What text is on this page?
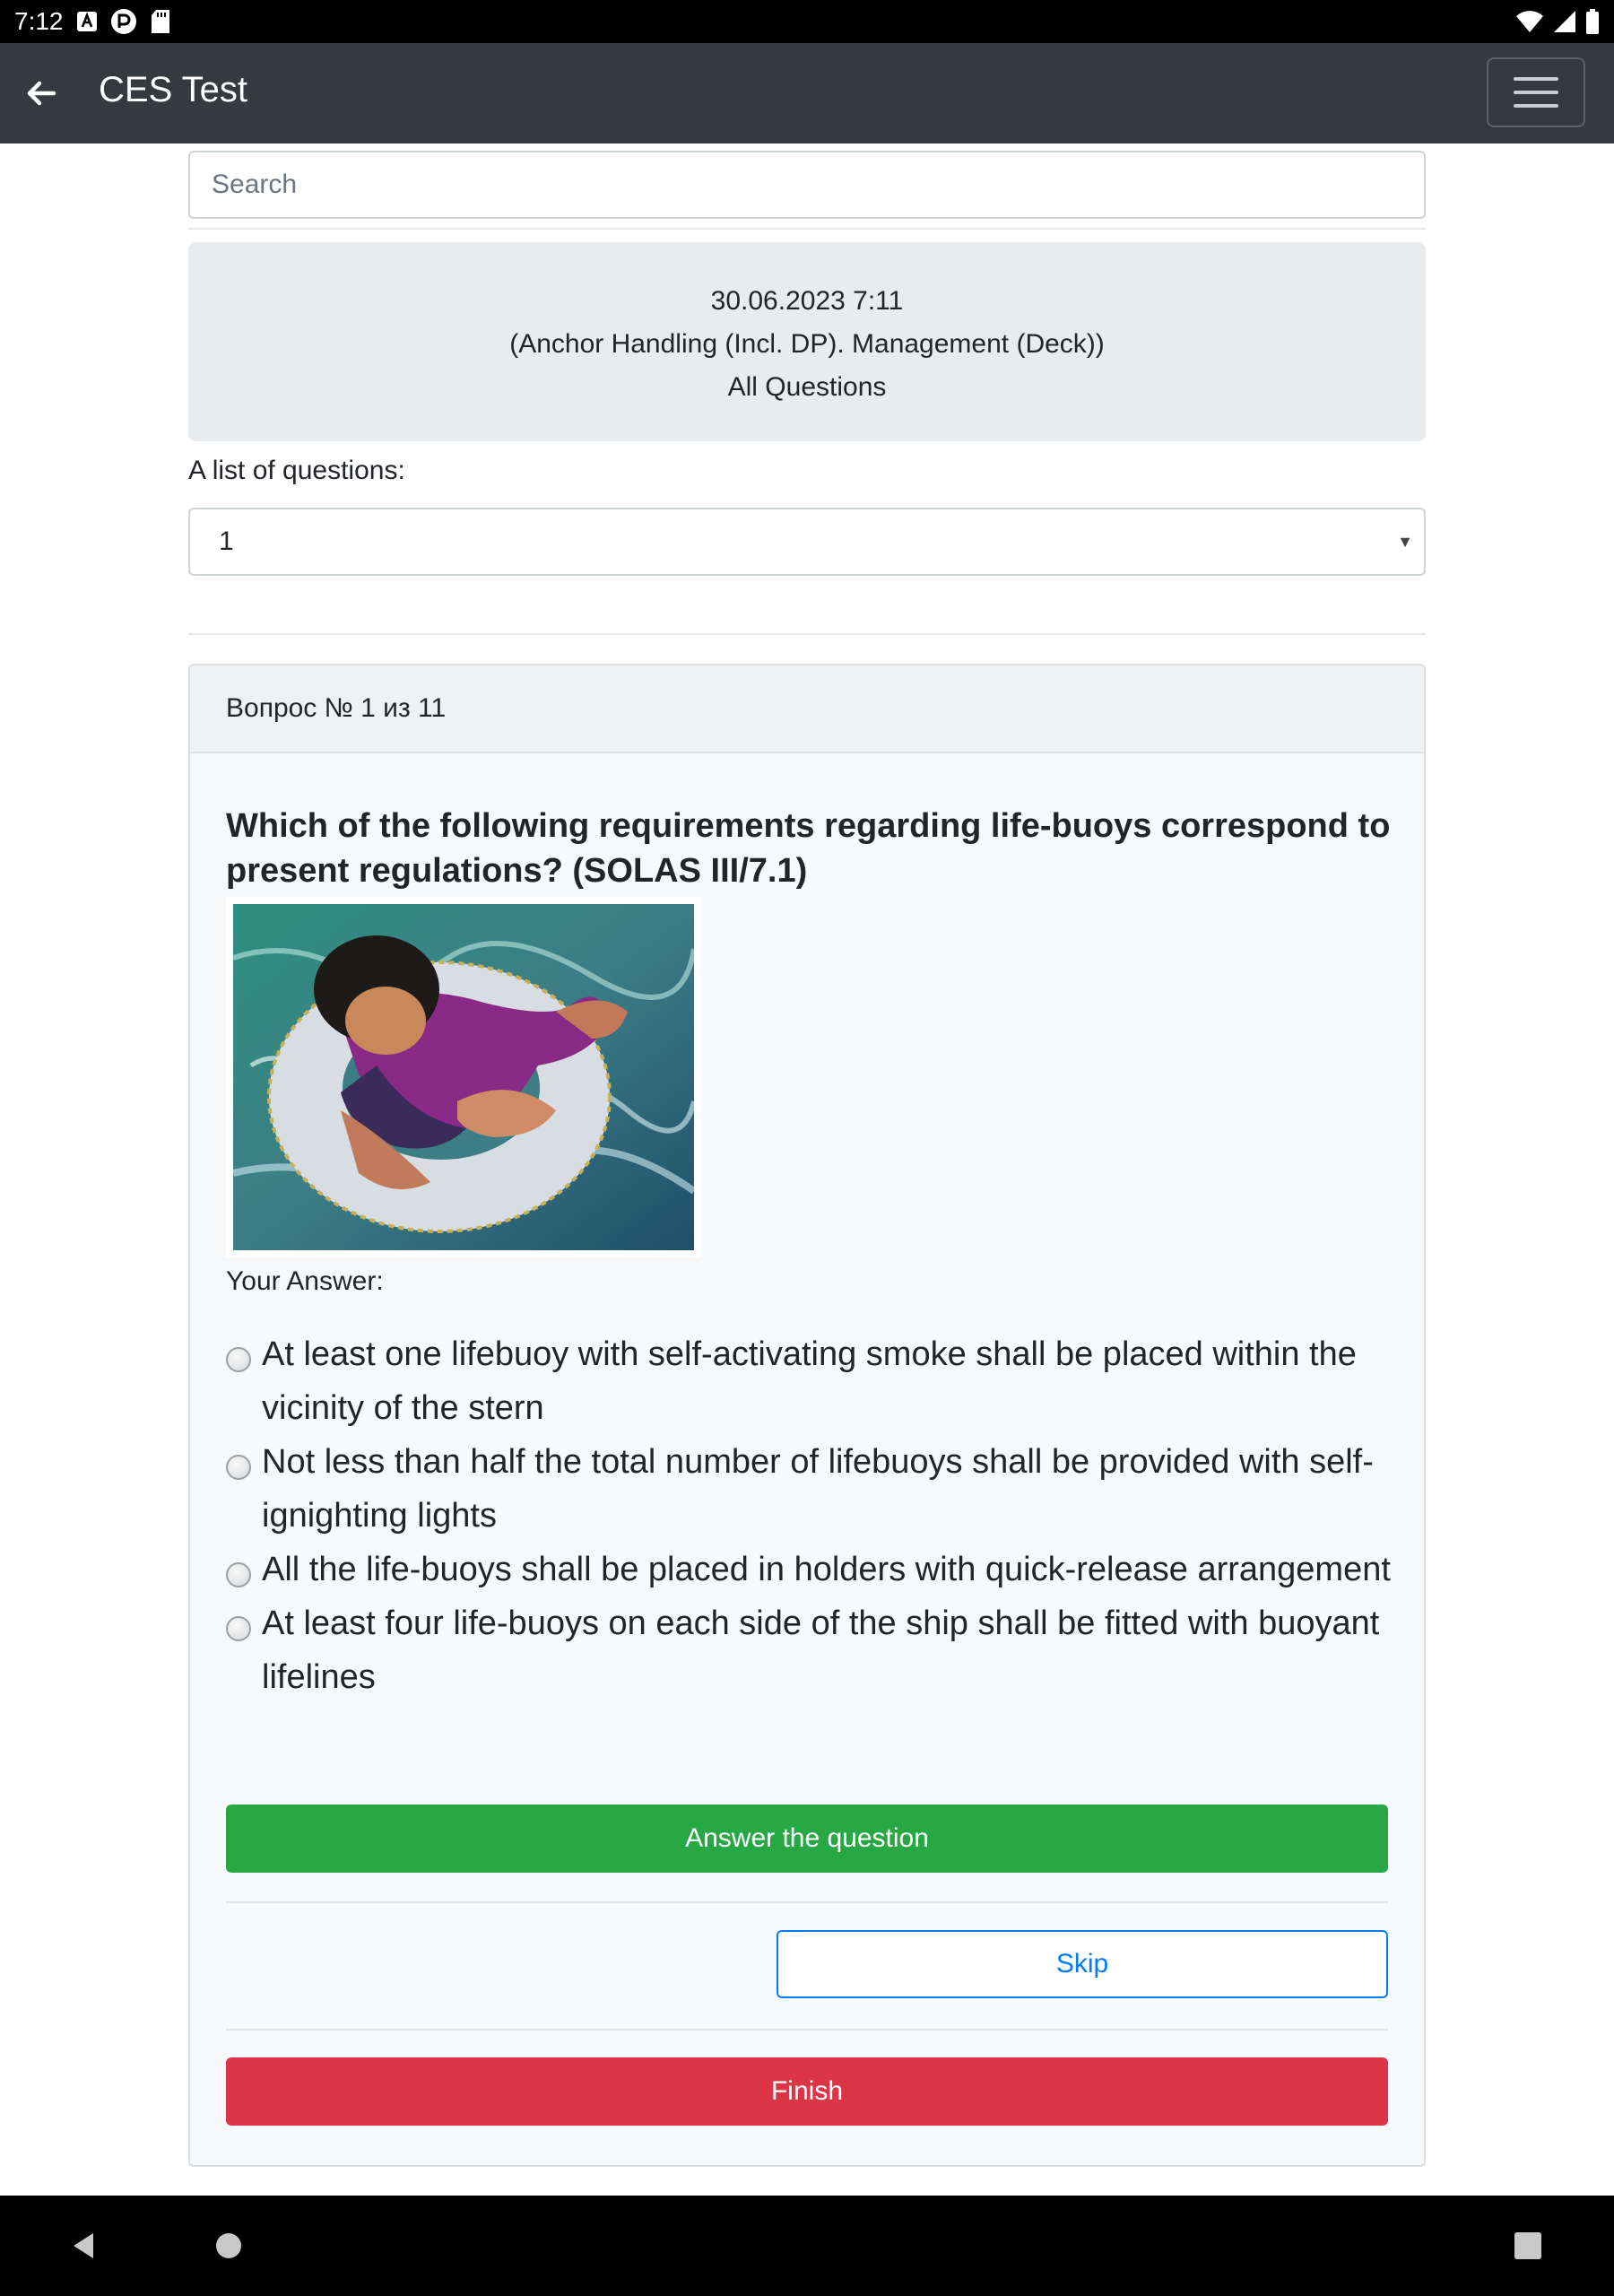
7:12
CES Test
Search
30.06.2023 7:11
(Anchor Handling (Incl. DP). Management (Deck))
All Questions
A list of questions:
1	▼
Вопрос № 1 из 11
Which of the following requirements regarding life-buoys correspond to present regulations? (SOLAS III/7.1)
Your Answer:
At least one lifebuoy with self-activating smoke shall be placed within the vicinity of the stern
Not less than half the total number of lifebuoys shall be provided with self-ignighting lights
All the life-buoys shall be placed in holders with quick-release arrangement
At least four life-buoys on each side of the ship shall be fitted with buoyant lifelines
Answer the question
Skip
Finish
